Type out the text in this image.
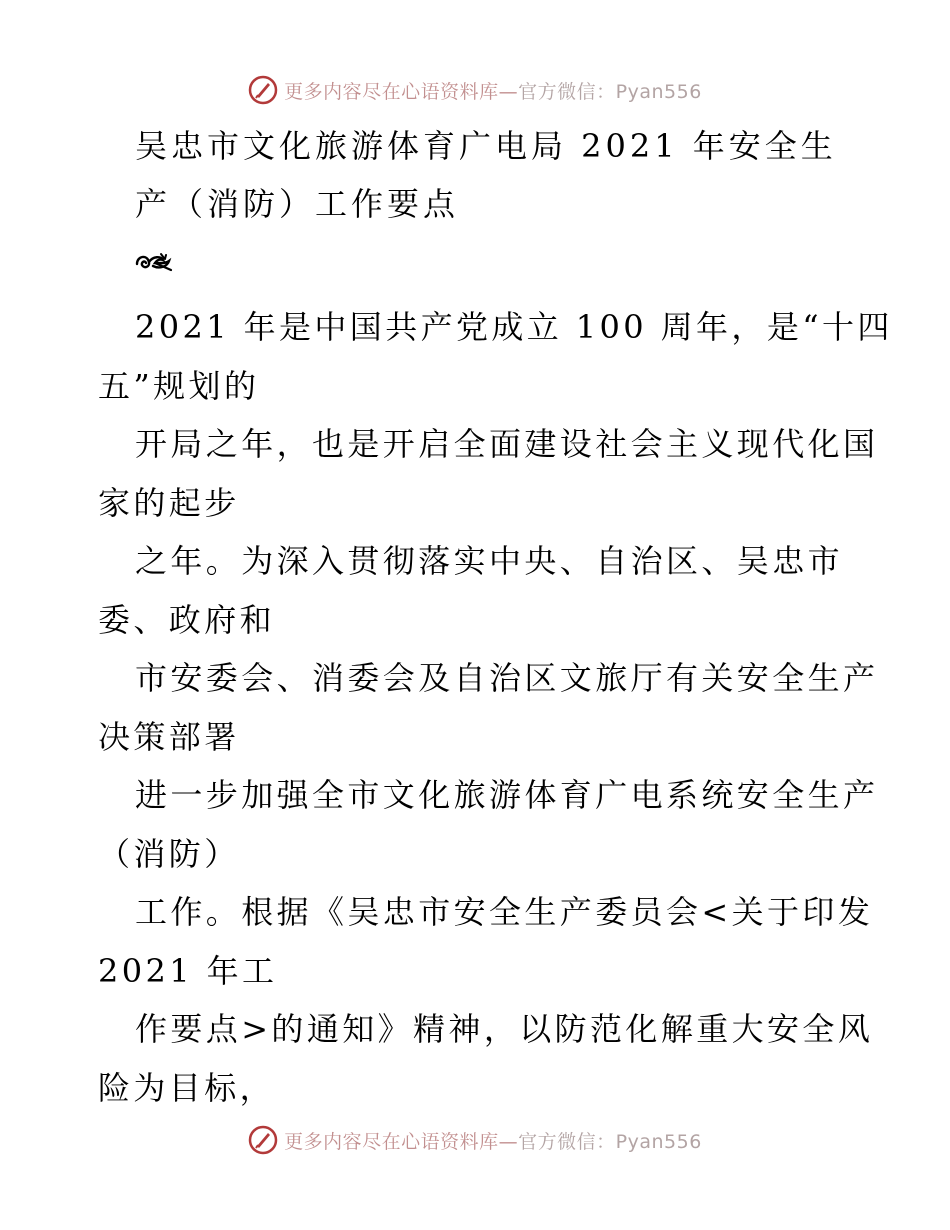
更多内容尽在心语资料库— 官方微信：Pyan556
吴忠市文化旅游体育广电局 2021 年安全生
产（消防）工作要点
2021 年是中国共产党成立 100 周年，是“十四
五”规划的
开局之年，也是开启全面建设社会主义现代化国
家的起步
之年。为深入贯彻落实中央、自治区、吴忠市
委、政府和
市安委会、消委会及自治区文旅厅有关安全生产
决策部署
进一步加强全市文化旅游体育广电系统安全生产
（消防）
工作。根据《吴忠市安全生产委员会<关于印发
2021 年工
作要点>的通知》精神，以防范化解重大安全风
险为目标，
更多内容尽在心语资料库— 官方微信：Pyan556
